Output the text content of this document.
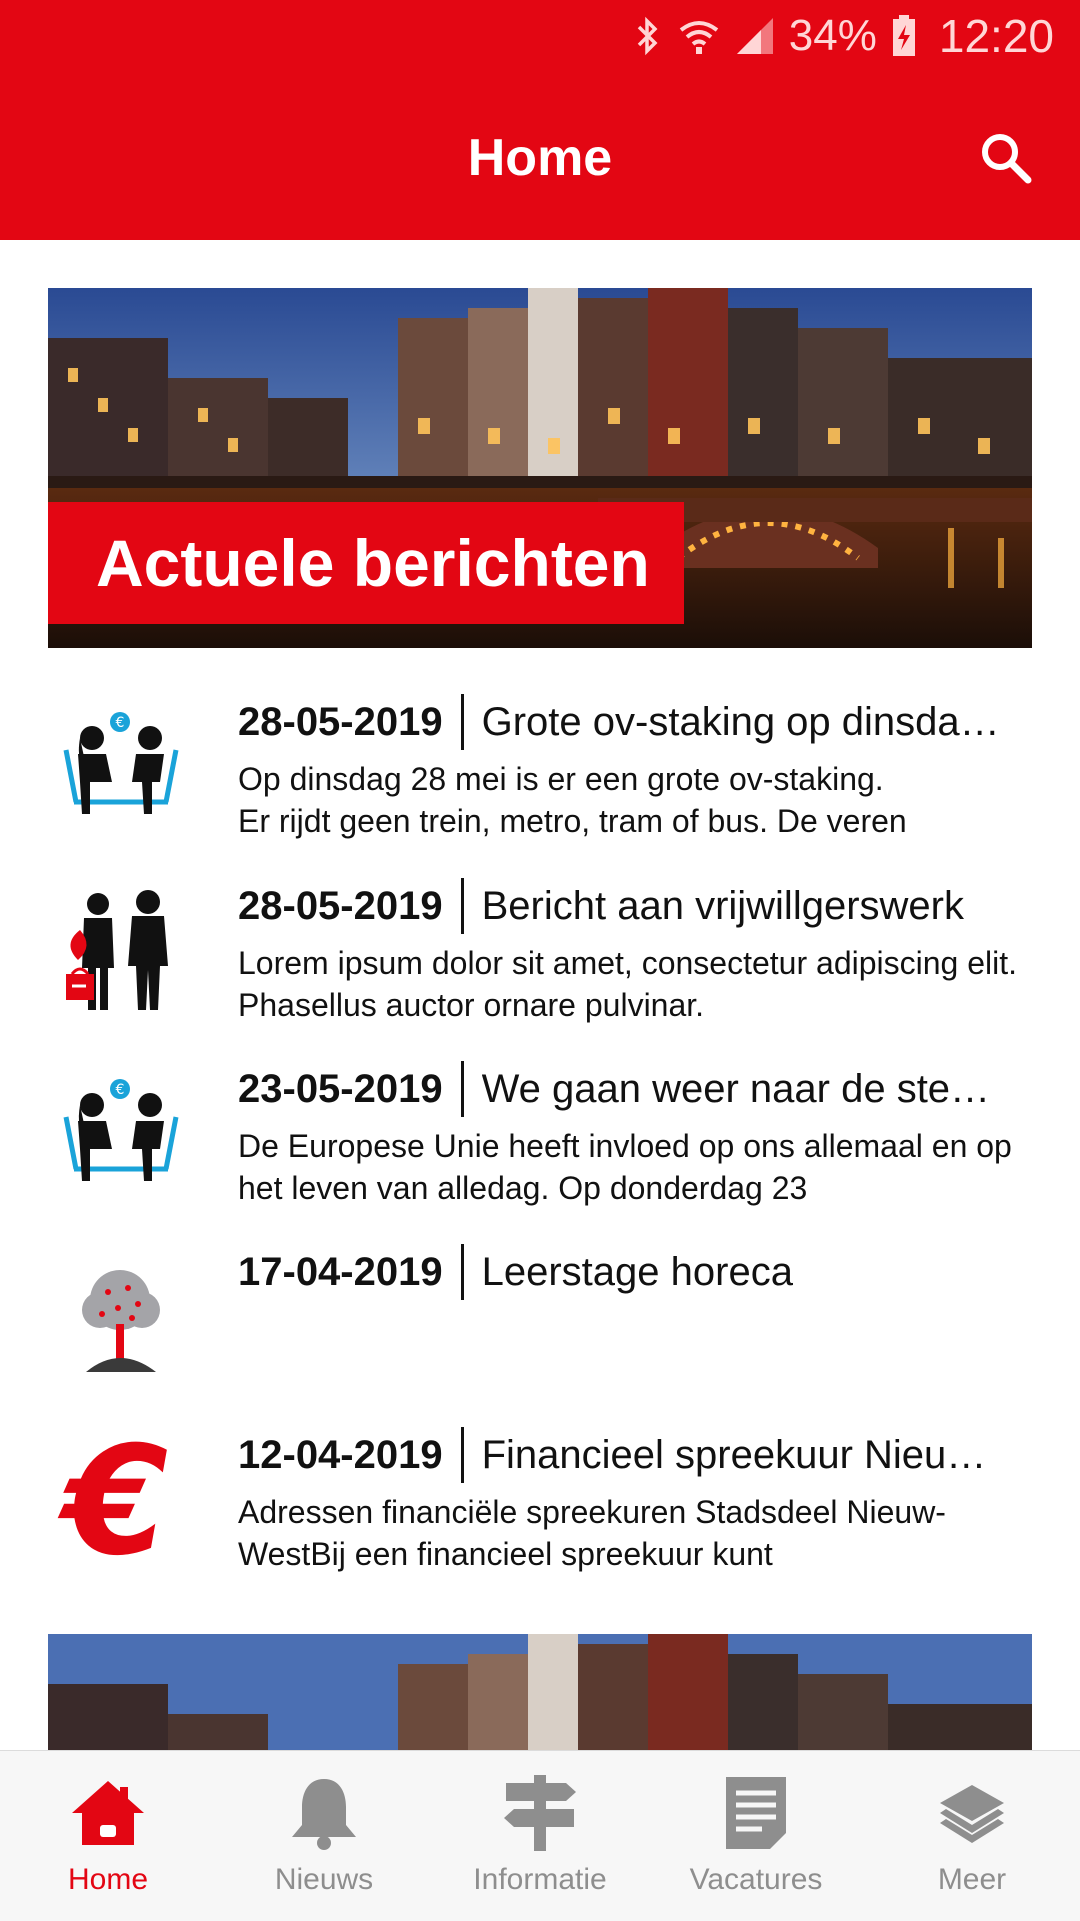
34% 12:20
Home
Actuele berichten
€	28-05-2019 Grote ov-staking op dinsda…
Op dinsdag 28 mei is er een grote ov-staking.
Er rijdt geen trein, metro, tram of bus. De veren
28-05-2019 Bericht aan vrijwillgerswerk
Lorem ipsum dolor sit amet, consectetur adipiscing elit. Phasellus auctor ornare pulvinar.
€	23-05-2019 We gaan weer naar de ste…
De Europese Unie heeft invloed op ons allemaal en op het leven van alledag. Op donderdag 23
17-04-2019 Leerstage horeca
€ 12-04-2019 Financieel spreekuur Nieu…
Adressen financiële spreekuren Stadsdeel Nieuw-WestBij een financieel spreekuur kunt
Home	Nieuws	Informatie	Vacatures	Meer
